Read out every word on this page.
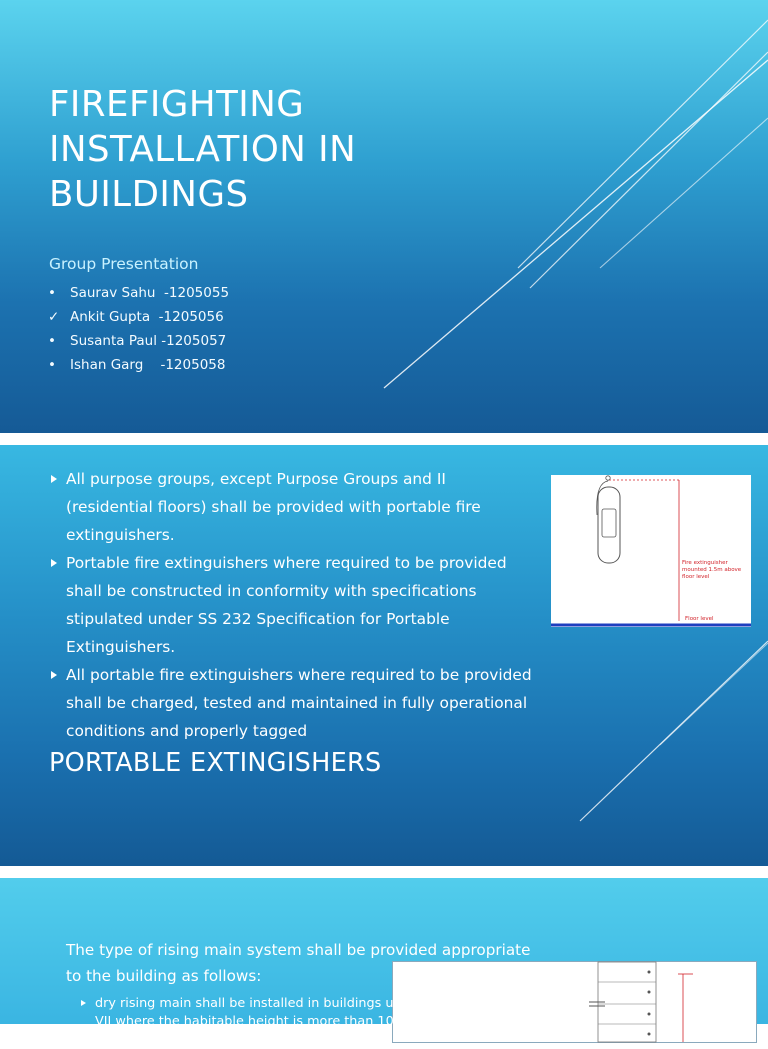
FIREFIGHTING
INSTALLATION IN
BUILDINGS
Group Presentation
• Saurav Sahu  -1205055
✓ Ankit Gupta  -1205056
• Susanta Paul -1205057
• Ishan Garg    -1205058
All purpose groups, except Purpose Groups and II (residential floors) shall be provided with portable fire extinguishers.
Portable fire extinguishers where required to be provided shall be constructed in conformity with specifications stipulated under SS 232 Specification for Portable Extinguishers.
All portable fire extinguishers where required to be provided shall be charged, tested and maintained in fully operational conditions and properly tagged
Fire extinguisher mounted 1.5m above floor level
Floor level
PORTABLE EXTINGISHERS

The type of rising main system shall be provided appropriate to the building as follows:

dry rising main shall be installed in buildings under purpose group IV, V, VII where the habitable height is more than 10m, but does not exceed 60m.
